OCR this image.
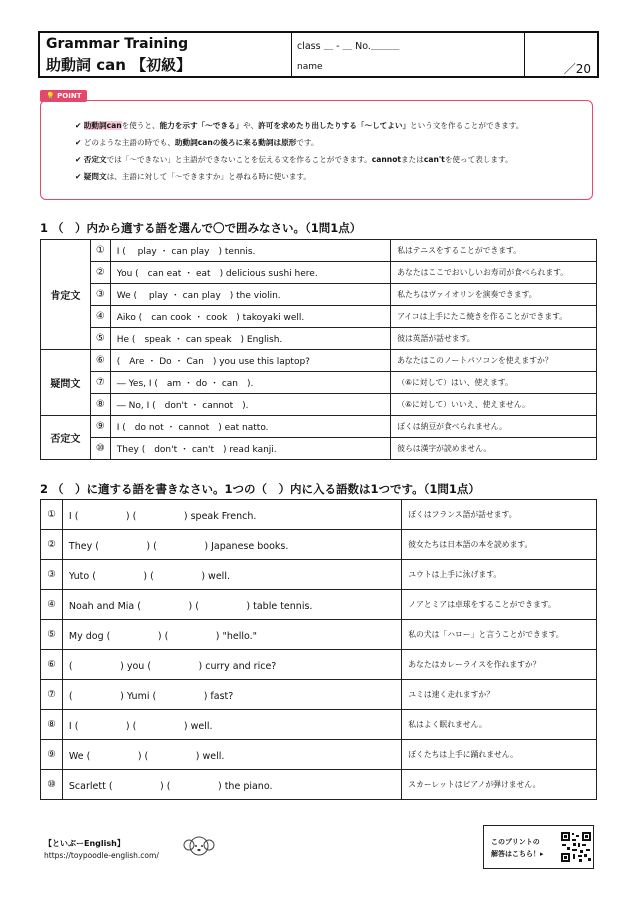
Grammar Training
助動詞 can 【初級】
class ＿ - ＿ No.＿＿＿
name	／20
💡 POINT
✔ 助動詞canを使うと、能力を示す「〜できる」や、許可を求めたり出したりする「〜してよい」という文を作ることができます。
✔ どのような主語の時でも、助動詞canの後ろに来る動詞は原形です。
✔ 否定文では「〜できない」と主語ができないことを伝える文を作ることができます。cannotまたはcan'tを使って表します。
✔ 疑問文は、主語に対して「〜できますか」と尋ねる時に使います。
1 （　）内から適する語を選んで〇で囲みなさい。（1問1点）
肯定文	①	I (　 play ・ can play　) tennis.	私はテニスをすることができます。
	②	You (　can eat ・ eat　) delicious sushi here.	あなたはここでおいしいお寿司が食べられます。
	③	We (　 play ・ can play　) the violin.	私たちはヴァイオリンを演奏できます。
	④	Aiko (　can cook ・ cook　) takoyaki well.	アイコは上手にたこ焼きを作ることができます。
	⑤	He (　speak ・ can speak　) English.	彼は英語が話せます。
疑問文	⑥	(　Are ・ Do ・ Can　) you use this laptop?	あなたはこのノートパソコンを使えますか？
	⑦	― Yes, I (　am ・ do ・ can　).	（⑥に対して）はい、使えます。
	⑧	― No, I (　don't ・ cannot　).	（⑥に対して）いいえ、使えません。
否定文	⑨	I (　do not ・ cannot　) eat natto.	ぼくは納豆が食べられません。
	⑩	They (　don't ・ can't　) read kanji.	彼らは漢字が読めません。
2 （　）に適する語を書きなさい。1つの（　）内に入る語数は1つです。（1問1点）
①	I (　　　　　) (　　　　　) speak French.	ぼくはフランス語が話せます。
②	They (　　　　　) (　　　　　) Japanese books.	彼女たちは日本語の本を読めます。
③	Yuto (　　　　　) (　　　　　) well.	ユウトは上手に泳げます。
④	Noah and Mia (　　　　　) (　　　　　) table tennis.	ノアとミアは卓球をすることができます。
⑤	My dog (　　　　　) (　　　　　) "hello."	私の犬は「ハロー」と言うことができます。
⑥	(　　　　　) you (　　　　　) curry and rice?	あなたはカレーライスを作れますか？
⑦	(　　　　　) Yumi (　　　　　) fast?	ユミは速く走れますか？
⑧	I (　　　　　) (　　　　　) well.	私はよく眠れません。
⑨	We (　　　　　) (　　　　　) well.	ぼくたちは上手に踊れません。
⑩	Scarlett (　　　　　) (　　　　　) the piano.	スカーレットはピアノが弾けません。
【といぷーEnglish】
https://toypoodle-english.com/
このプリントの
解答はこちら！▸
